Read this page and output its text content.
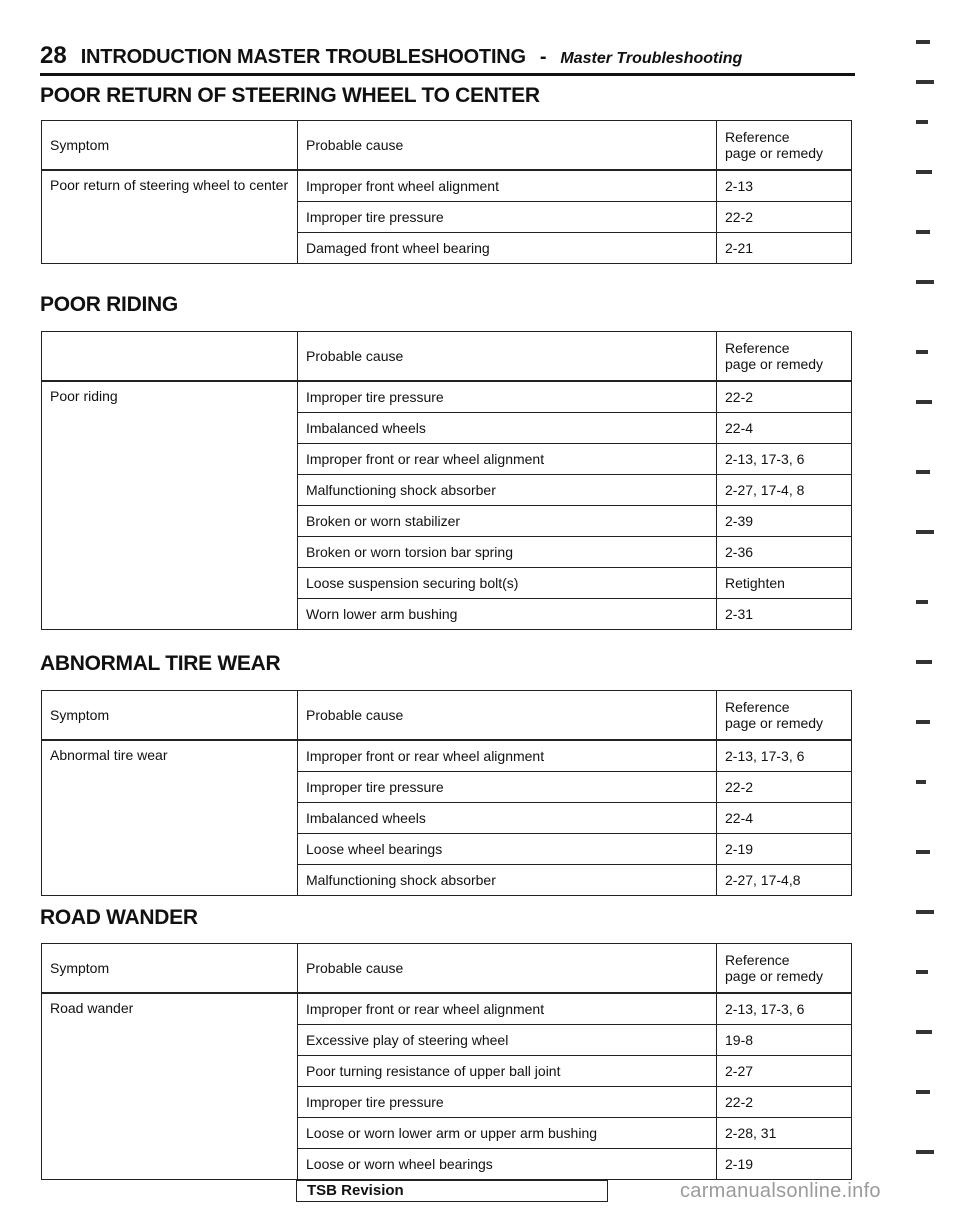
28 INTRODUCTION MASTER TROUBLESHOOTING - Master Troubleshooting
POOR RETURN OF STEERING WHEEL TO CENTER
Symptom	Probable cause	Reference
page or remedy
Poor return of steering wheel to center	Improper front wheel alignment	2-13
	Improper tire pressure	22-2
	Damaged front wheel bearing	2-21
POOR RIDING
	Probable cause	Reference
page or remedy
Poor riding	Improper tire pressure	22-2
	Imbalanced wheels	22-4
	Improper front or rear wheel alignment	2-13, 17-3, 6
	Malfunctioning shock absorber	2-27, 17-4, 8
	Broken or worn stabilizer	2-39
	Broken or worn torsion bar spring	2-36
	Loose suspension securing bolt(s)	Retighten
	Worn lower arm bushing	2-31
ABNORMAL TIRE WEAR
Symptom	Probable cause	Reference
page or remedy
Abnormal tire wear	Improper front or rear wheel alignment	2-13, 17-3, 6
	Improper tire pressure	22-2
	Imbalanced wheels	22-4
	Loose wheel bearings	2-19
	Malfunctioning shock absorber	2-27, 17-4,8
ROAD WANDER
Symptom	Probable cause	Reference
page or remedy
Road wander	Improper front or rear wheel alignment	2-13, 17-3, 6
	Excessive play of steering wheel	19-8
	Poor turning resistance of upper ball joint	2-27
	Improper tire pressure	22-2
	Loose or worn lower arm or upper arm bushing	2-28, 31
	Loose or worn wheel bearings	2-19
TSB Revision	carmanualsonline.info
